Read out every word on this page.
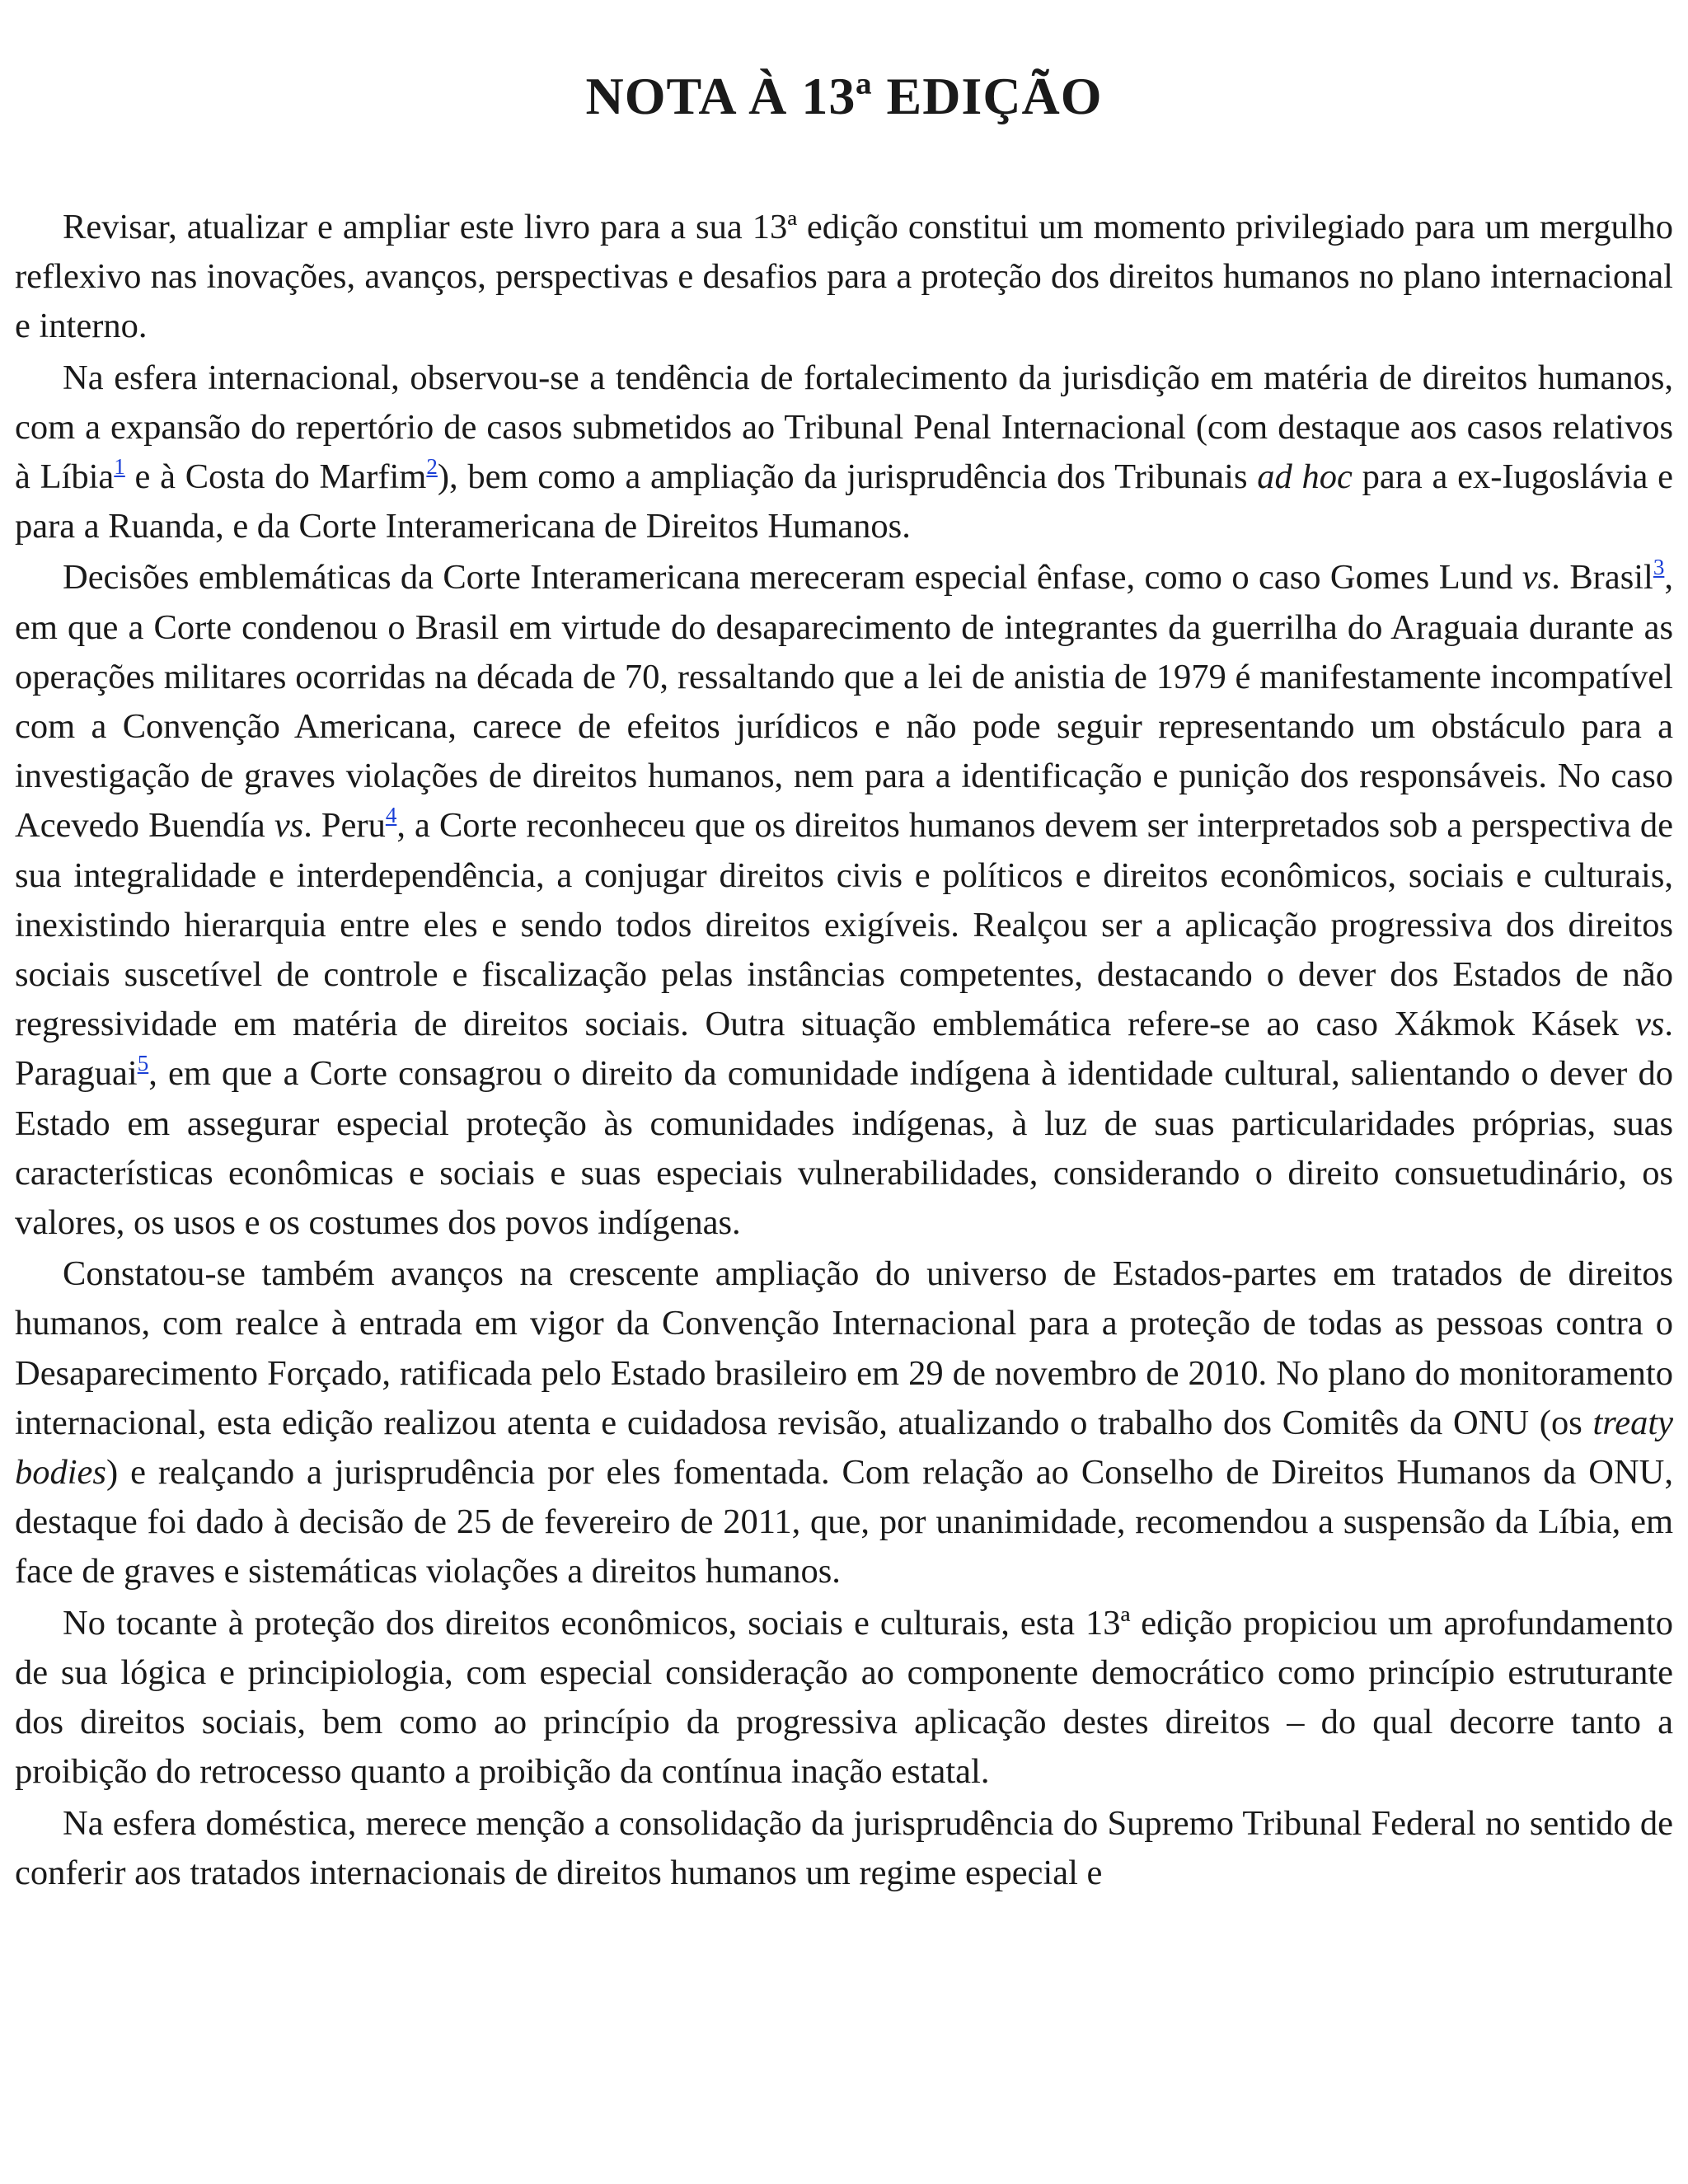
NOTA À 13ª EDIÇÃO

Revisar, atualizar e ampliar este livro para a sua 13ª edição constitui um momento privilegiado para um mergulho reflexivo nas inovações, avanços, perspectivas e desafios para a proteção dos direitos humanos no plano internacional e interno.

Na esfera internacional, observou-se a tendência de fortalecimento da jurisdição em matéria de direitos humanos, com a expansão do repertório de casos submetidos ao Tribunal Penal Internacional (com destaque aos casos relativos à Líbia$^1$ e à Costa do Marfim$^2$), bem como a ampliação da jurisprudência dos Tribunais ad hoc para a ex-Iugoslávia e para a Ruanda, e da Corte Interamericana de Direitos Humanos.

Decisões emblemáticas da Corte Interamericana mereceram especial ênfase, como o caso Gomes Lund vs. Brasil$^3$, em que a Corte condenou o Brasil em virtude do desaparecimento de integrantes da guerrilha do Araguaia durante as operações militares ocorridas na década de 70, ressaltando que a lei de anistia de 1979 é manifestamente incompatível com a Convenção Americana, carece de efeitos jurídicos e não pode seguir representando um obstáculo para a investigação de graves violações de direitos humanos, nem para a identificação e punição dos responsáveis. No caso Acevedo Buendía vs. Peru$^4$, a Corte reconheceu que os direitos humanos devem ser interpretados sob a perspectiva de sua integralidade e interdependência, a conjugar direitos civis e políticos e direitos econômicos, sociais e culturais, inexistindo hierarquia entre eles e sendo todos direitos exigíveis. Realçou ser a aplicação progressiva dos direitos sociais suscetível de controle e fiscalização pelas instâncias competentes, destacando o dever dos Estados de não regressividade em matéria de direitos sociais. Outra situação emblemática refere-se ao caso Xákmok Kásek vs. Paraguai$^5$, em que a Corte consagrou o direito da comunidade indígena à identidade cultural, salientando o dever do Estado em assegurar especial proteção às comunidades indígenas, à luz de suas particularidades próprias, suas características econômicas e sociais e suas especiais vulnerabilidades, considerando o direito consuetudinário, os valores, os usos e os costumes dos povos indígenas.

Constatou-se também avanços na crescente ampliação do universo de Estados-partes em tratados de direitos humanos, com realce à entrada em vigor da Convenção Internacional para a proteção de todas as pessoas contra o Desaparecimento Forçado, ratificada pelo Estado brasileiro em 29 de novembro de 2010. No plano do monitoramento internacional, esta edição realizou atenta e cuidadosa revisão, atualizando o trabalho dos Comitês da ONU (os treaty bodies) e realçando a jurisprudência por eles fomentada. Com relação ao Conselho de Direitos Humanos da ONU, destaque foi dado à decisão de 25 de fevereiro de 2011, que, por unanimidade, recomendou a suspensão da Líbia, em face de graves e sistemáticas violações a direitos humanos.

No tocante à proteção dos direitos econômicos, sociais e culturais, esta 13ª edição propiciou um aprofundamento de sua lógica e principiologia, com especial consideração ao componente democrático como princípio estruturante dos direitos sociais, bem como ao princípio da progressiva aplicação destes direitos – do qual decorre tanto a proibição do retrocesso quanto a proibição da contínua inação estatal.

Na esfera doméstica, merece menção a consolidação da jurisprudência do Supremo Tribunal Federal no sentido de conferir aos tratados internacionais de direitos humanos um regime especial e
